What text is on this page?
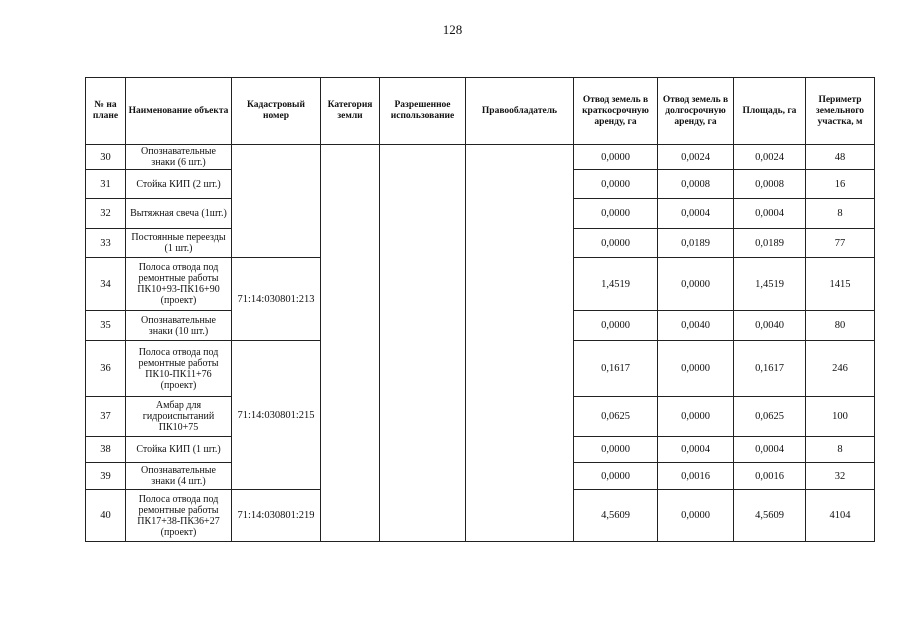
128
№ на плане	Наименование объекта	Кадастровый номер	Категория земли	Разрешенное использование	Правообладатель	Отвод земель в краткосрочную аренду, га	Отвод земель в долгосрочную аренду, га	Площадь, га	Периметр земельного участка, м
30	Опознавательные знаки (6 шт.)					0,0000	0,0024	0,0024	48
31	Стойка КИП (2 шт.)					0,0000	0,0008	0,0008	16
32	Вытяжная свеча (1шт.)					0,0000	0,0004	0,0004	8
33	Постоянные переезды (1 шт.)					0,0000	0,0189	0,0189	77
34	Полоса отвода под ремонтные работы ПК10+93-ПК16+90 (проект)	71:14:030801:213				1,4519	0,0000	1,4519	1415
35	Опознавательные знаки (10 шт.)					0,0000	0,0040	0,0040	80
36	Полоса отвода под ремонтные работы ПК10-ПК11+76 (проект)	71:14:030801:215				0,1617	0,0000	0,1617	246
37	Амбар для гидроиспытаний ПК10+75					0,0625	0,0000	0,0625	100
38	Стойка КИП (1 шт.)					0,0000	0,0004	0,0004	8
39	Опознавательные знаки (4 шт.)					0,0000	0,0016	0,0016	32
40	Полоса отвода под ремонтные работы ПК17+38-ПК36+27 (проект)	71:14:030801:219				4,5609	0,0000	4,5609	4104
